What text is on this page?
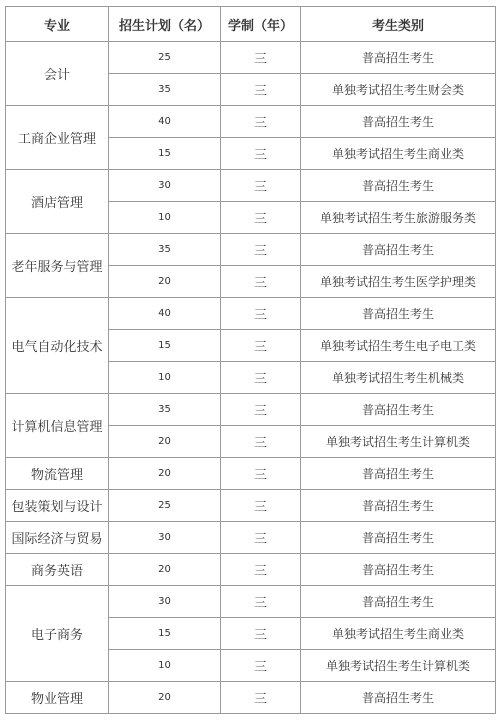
专业	招生计划（名）	学制（年）	考生类别
会计	25	三	普高招生考生
	35	三	单独考试招生考生财会类
工商企业管理	40	三	普高招生考生
	15	三	单独考试招生考生商业类
酒店管理	30	三	普高招生考生
	10	三	单独考试招生考生旅游服务类
老年服务与管理	35	三	普高招生考生
	20	三	单独考试招生考生医学护理类
电气自动化技术	40	三	普高招生考生
	15	三	单独考试招生考生电子电工类
	10	三	单独考试招生考生机械类
计算机信息管理	35	三	普高招生考生
	20	三	单独考试招生考生计算机类
物流管理	20	三	普高招生考生
包装策划与设计	25	三	普高招生考生
国际经济与贸易	30	三	普高招生考生
商务英语	20	三	普高招生考生
电子商务	30	三	普高招生考生
	15	三	单独考试招生考生商业类
	10	三	单独考试招生考生计算机类
物业管理	20	三	普高招生考生
